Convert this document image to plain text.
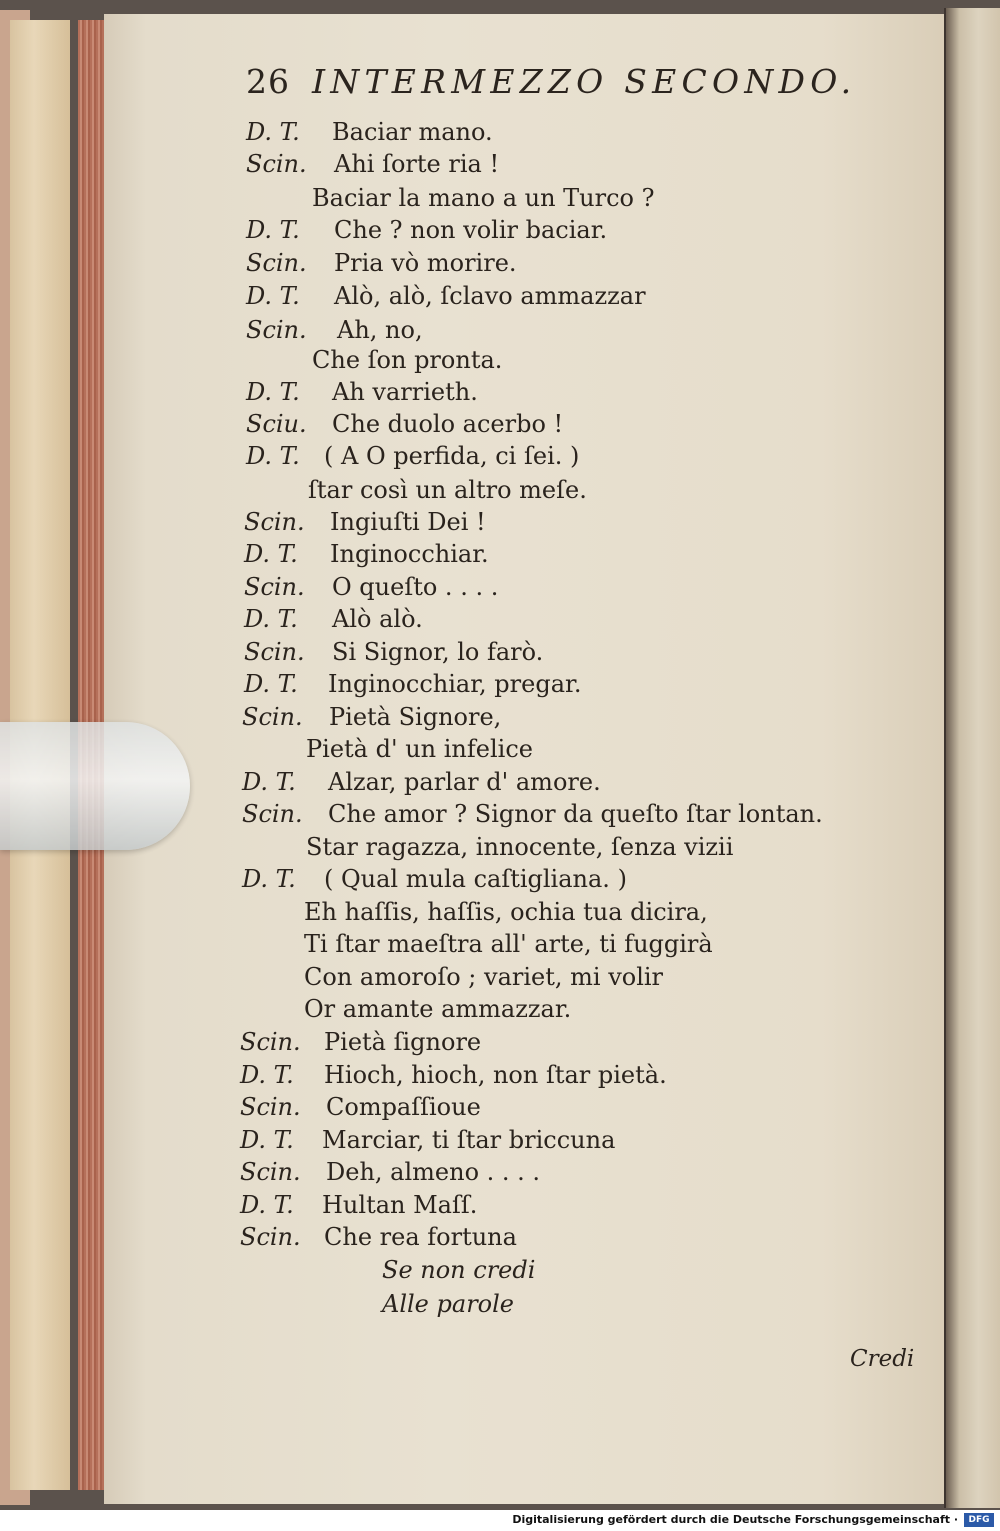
26 INTERMEZZO SECONDO.
D. T. Baciar mano.
Scin. Ahi ſorte ria !
Baciar la mano a un Turco ?
D. T. Che ? non volir baciar.
Scin. Pria vò morire.
D. T. Alò, alò, ſclavo ammazzar
Scin. Ah, no,
Che ſon pronta.
D. T. Ah varrieth.
Sciu. Che duolo acerbo !
D. T. ( A O perfida, ci ſei. )
ſtar così un altro meſe.
Scin. Ingiuſti Dei !
D. T. Inginocchiar.
Scin. O queſto . . . .
D. T. Alò alò.
Scin. Si Signor, lo farò.
D. T. Inginocchiar, pregar.
Scin. Pietà Signore,
Pietà d' un infelice
D. T. Alzar, parlar d' amore.
Scin. Che amor ? Signor da queſto ſtar lontan.
Star ragazza, innocente, ſenza vizii
D. T. ( Qual mula caſtigliana. )
Eh haſſis, haſſis, ochia tua dicira,
Ti ſtar maeſtra all' arte, ti fuggirà
Con amoroſo ; variet, mi volir
Or amante ammazzar.
Scin. Pietà ſignore
D. T. Hioch, hioch, non ſtar pietà.
Scin. Compaſſioue
D. T. Marciar, ti ſtar briccuna
Scin. Deh, almeno . . . .
D. T. Hultan Maſſ.
Scin. Che rea fortuna
Se non credi
Alle parole
Credi
Digitalisierung gefördert durch die Deutsche Forschungsgemeinschaft ·	DFG
